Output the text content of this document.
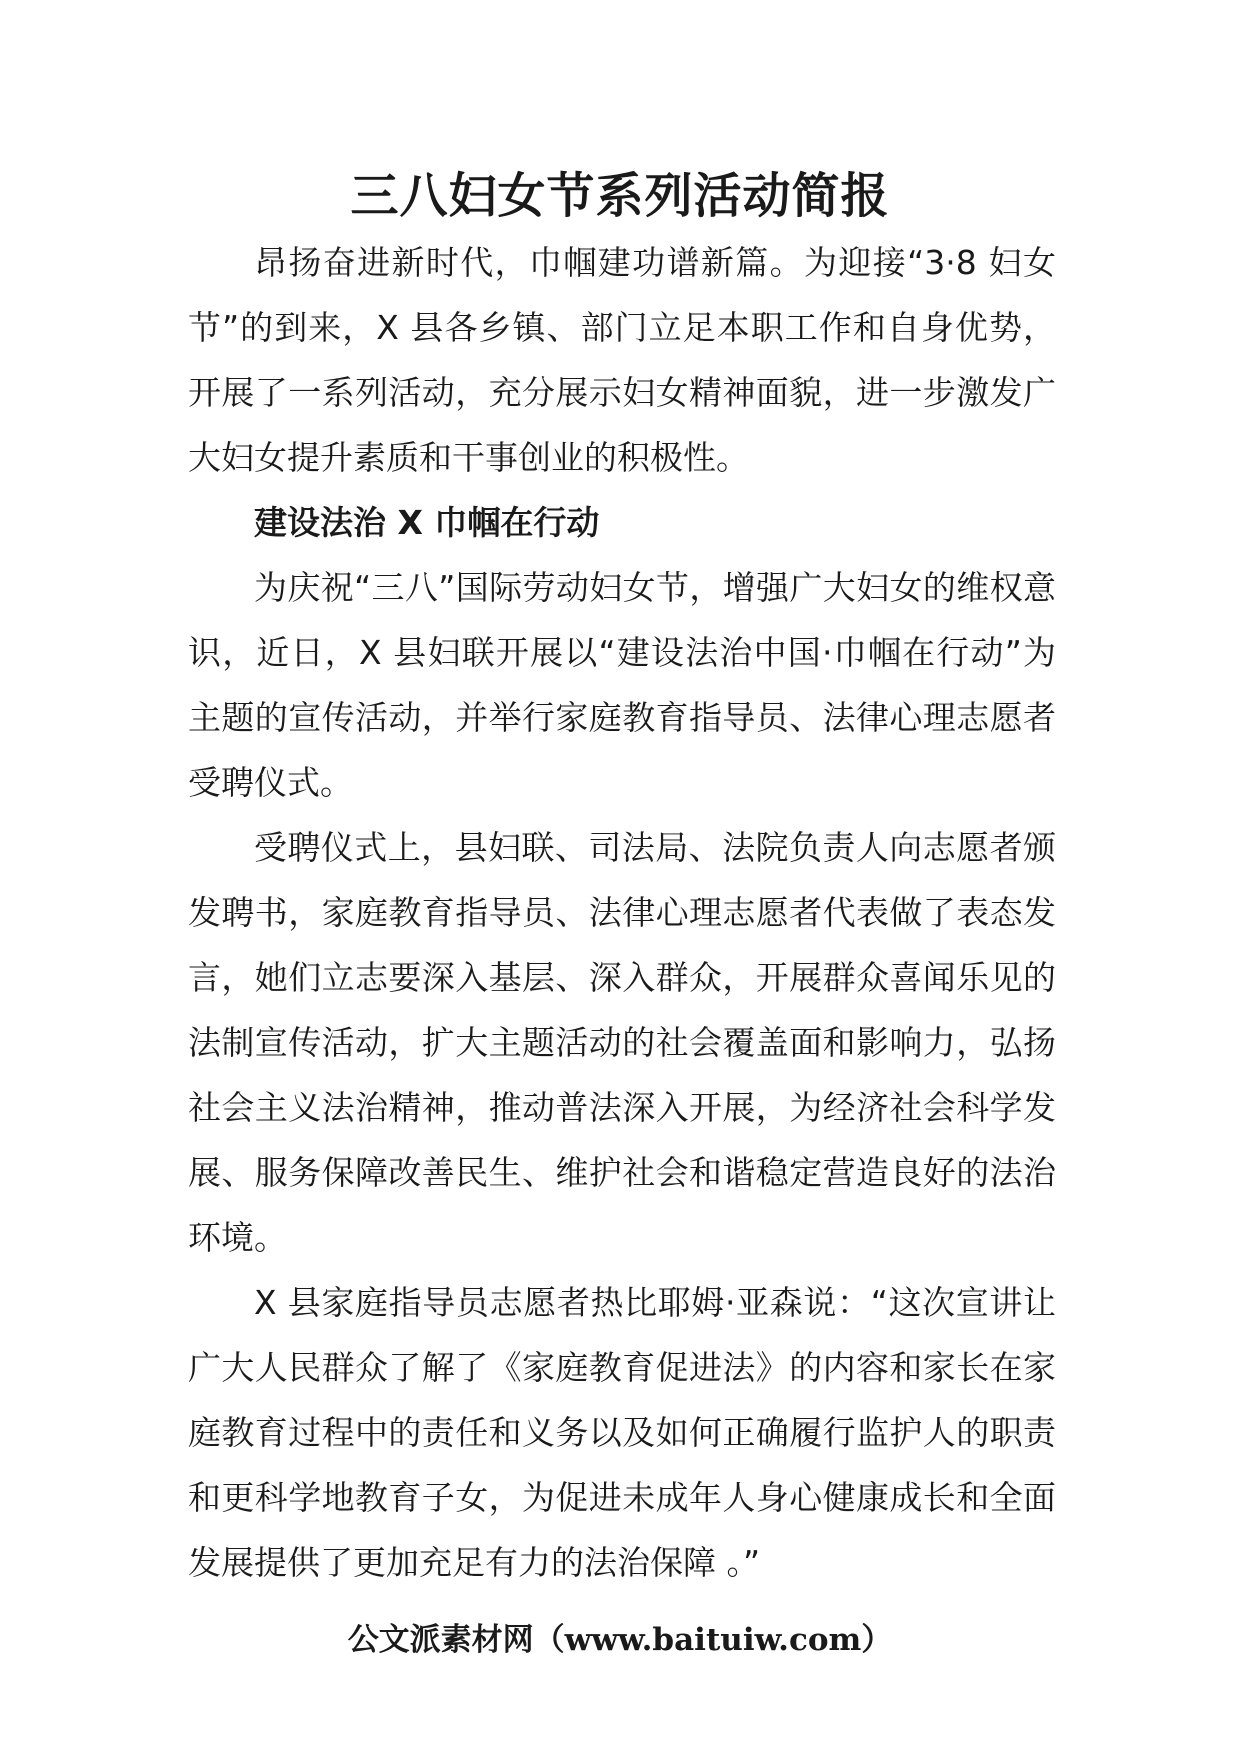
三八妇女节系列活动简报

昂扬奋进新时代，巾帼建功谱新篇。为迎接“3·8 妇女节”的到来，X 县各乡镇、部门立足本职工作和自身优势，开展了一系列活动，充分展示妇女精神面貌，进一步激发广大妇女提升素质和干事创业的积极性。

建设法治 X 巾帼在行动

为庆祝“三八”国际劳动妇女节，增强广大妇女的维权意识，近日，X 县妇联开展以“建设法治中国·巾帼在行动”为主题的宣传活动，并举行家庭教育指导员、法律心理志愿者受聘仪式。

受聘仪式上，县妇联、司法局、法院负责人向志愿者颁发聘书，家庭教育指导员、法律心理志愿者代表做了表态发言，她们立志要深入基层、深入群众，开展群众喜闻乐见的法制宣传活动，扩大主题活动的社会覆盖面和影响力，弘扬社会主义法治精神，推动普法深入开展，为经济社会科学发展、服务保障改善民生、维护社会和谐稳定营造良好的法治环境。

X 县家庭指导员志愿者热比耶姆·亚森说：“这次宣讲让广大人民群众了解了《家庭教育促进法》的内容和家长在家庭教育过程中的责任和义务以及如何正确履行监护人的职责和更科学地教育子女，为促进未成年人身心健康成长和全面发展提供了更加充足有力的法治保障 。”

公文派素材网（www.baituiw.com）
